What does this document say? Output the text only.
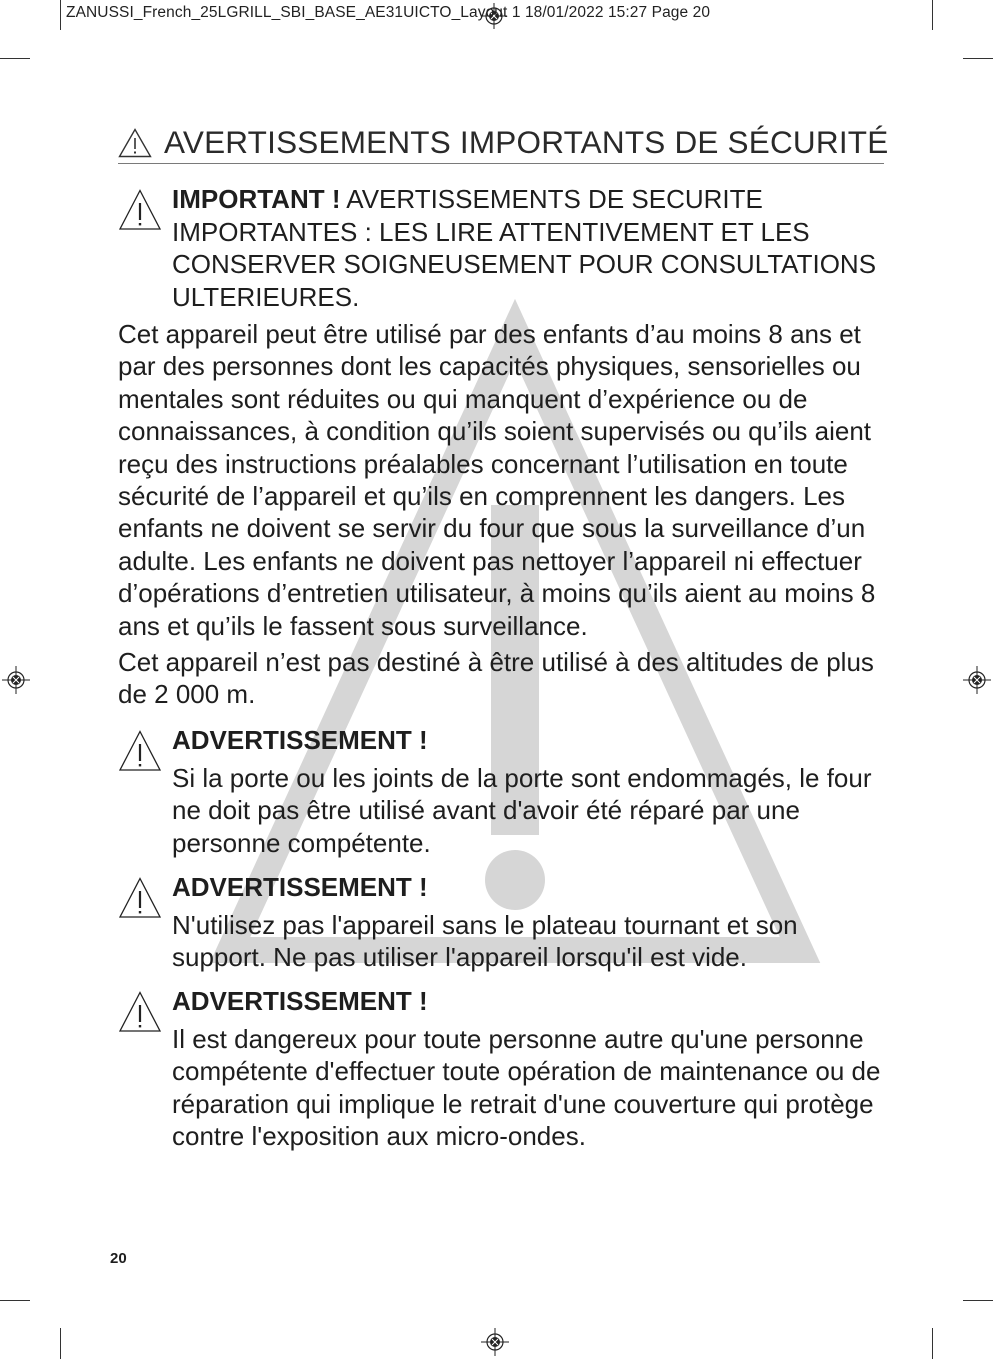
ZANUSSI_French_25LGRILL_SBI_BASE_AE31UICTO_Layout 1 18/01/2022 15:27 Page 20
AVERTISSEMENTS IMPORTANTS DE SÉCURITÉ
IMPORTANT ! AVERTISSEMENTS DE SECURITE IMPORTANTES : LES LIRE ATTENTIVEMENT ET LES CONSERVER SOIGNEUSEMENT POUR CONSULTATIONS ULTERIEURES.
Cet appareil peut être utilisé par des enfants d’au moins 8 ans et par des personnes dont les capacités physiques, sensorielles ou mentales sont réduites ou qui manquent d’expérience ou de connaissances, à condition qu’ils soient supervisés ou qu’ils aient reçu des instructions préalables concernant l’utilisation en toute sécurité de l’appareil et qu’ils en comprennent les dangers. Les enfants ne doivent se servir du four que sous la surveillance d’un adulte. Les enfants ne doivent pas nettoyer l’appareil ni effectuer d’opérations d’entretien utilisateur, à moins qu’ils aient au moins 8 ans et qu’ils le fassent sous surveillance.
Cet appareil n’est pas destiné à être utilisé à des altitudes de plus de 2 000 m.
ADVERTISSEMENT !
Si la porte ou les joints de la porte sont endommagés, le four ne doit pas être utilisé avant d'avoir été réparé par une personne compétente.
ADVERTISSEMENT !
N'utilisez pas l'appareil sans le plateau tournant et son support. Ne pas utiliser l'appareil lorsqu'il est vide.
ADVERTISSEMENT !
Il est dangereux pour toute personne autre qu'une personne compétente d'effectuer toute opération de maintenance ou de réparation qui implique le retrait d'une couverture qui protège contre l'exposition aux micro-ondes.
20
